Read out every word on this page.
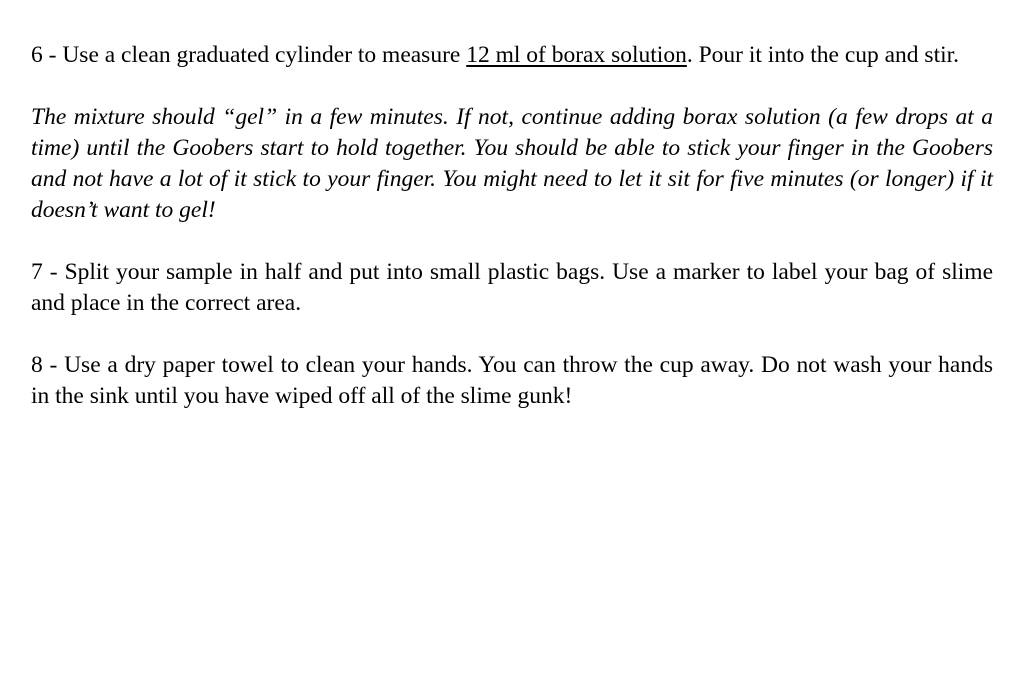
6 - Use a clean graduated cylinder to measure 12 ml of borax solution. Pour it into the cup and stir.

The mixture should “gel” in a few minutes. If not, continue adding borax solution (a few drops at a time) until the Goobers start to hold together. You should be able to stick your finger in the Goobers and not have a lot of it stick to your finger. You might need to let it sit for five minutes (or longer) if it doesn’t want to gel!

7 - Split your sample in half and put into small plastic bags. Use a marker to label your bag of slime and place in the correct area.

8 - Use a dry paper towel to clean your hands. You can throw the cup away. Do not wash your hands in the sink until you have wiped off all of the slime gunk!
